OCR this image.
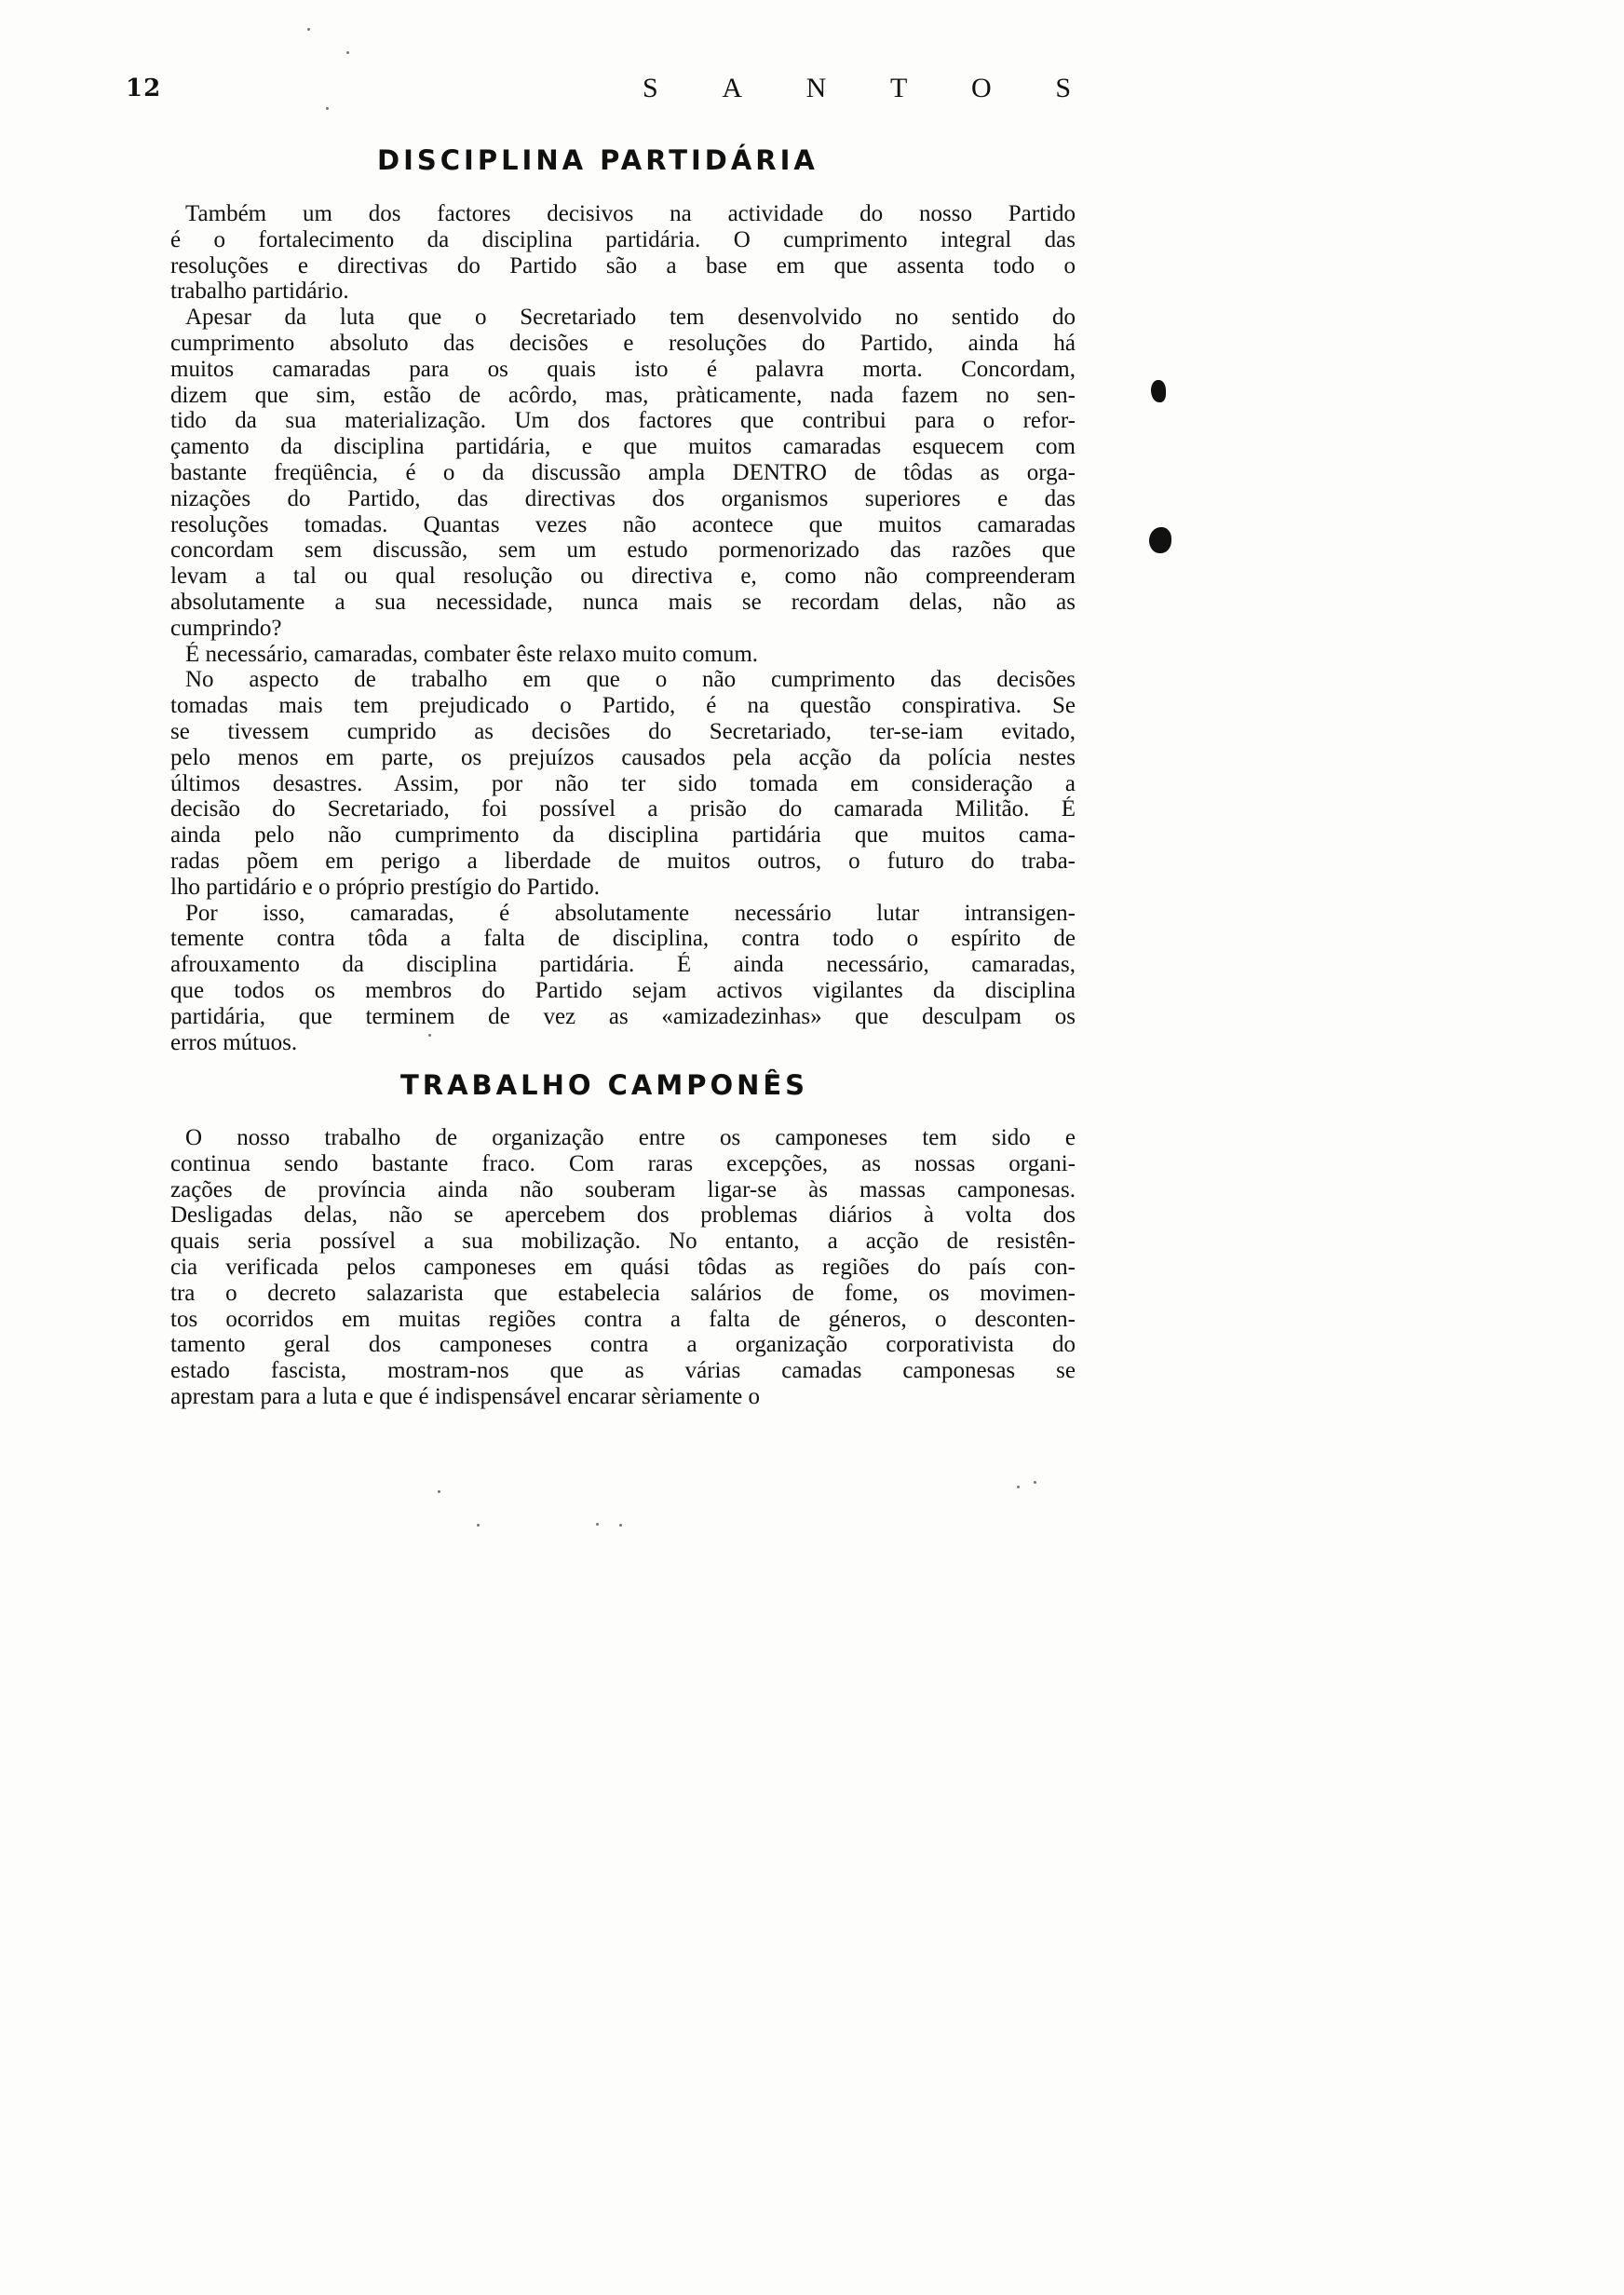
12	S A N T O S
DISCIPLINA PARTIDÁRIA
Também um dos factores decisivos na actividade do nosso Partido
é o fortalecimento da disciplina partidária. O cumprimento integral das
resoluções e directivas do Partido são a base em que assenta todo o
trabalho partidário.
Apesar da luta que o Secretariado tem desenvolvido no sentido do
cumprimento absoluto das decisões e resoluções do Partido, ainda há
muitos camaradas para os quais isto é palavra morta. Concordam,
dizem que sim, estão de acôrdo, mas, pràticamente, nada fazem no sen-
tido da sua materialização. Um dos factores que contribui para o refor-
çamento da disciplina partidária, e que muitos camaradas esquecem com
bastante freqüência, é o da discussão ampla DENTRO de tôdas as orga-
nizações do Partido, das directivas dos organismos superiores e das
resoluções tomadas. Quantas vezes não acontece que muitos camaradas
concordam sem discussão, sem um estudo pormenorizado das razões que
levam a tal ou qual resolução ou directiva e, como não compreenderam
absolutamente a sua necessidade, nunca mais se recordam delas, não as
cumprindo?
É necessário, camaradas, combater êste relaxo muito comum.
No aspecto de trabalho em que o não cumprimento das decisões
tomadas mais tem prejudicado o Partido, é na questão conspirativa. Se
se tivessem cumprido as decisões do Secretariado, ter-se-iam evitado,
pelo menos em parte, os prejuízos causados pela acção da polícia nestes
últimos desastres. Assim, por não ter sido tomada em consideração a
decisão do Secretariado, foi possível a prisão do camarada Militão. É
ainda pelo não cumprimento da disciplina partidária que muitos cama-
radas põem em perigo a liberdade de muitos outros, o futuro do traba-
lho partidário e o próprio prestígio do Partido.
Por isso, camaradas, é absolutamente necessário lutar intransigen-
temente contra tôda a falta de disciplina, contra todo o espírito de
afrouxamento da disciplina partidária. É ainda necessário, camaradas,
que todos os membros do Partido sejam activos vigilantes da disciplina
partidária, que terminem de vez as «amizadezinhas» que desculpam os
erros mútuos.
TRABALHO CAMPONÊS
O nosso trabalho de organização entre os camponeses tem sido e
continua sendo bastante fraco. Com raras excepções, as nossas organi-
zações de província ainda não souberam ligar-se às massas camponesas.
Desligadas delas, não se apercebem dos problemas diários à volta dos
quais seria possível a sua mobilização. No entanto, a acção de resistên-
cia verificada pelos camponeses em quási tôdas as regiões do país con-
tra o decreto salazarista que estabelecia salários de fome, os movimen-
tos ocorridos em muitas regiões contra a falta de géneros, o desconten-
tamento geral dos camponeses contra a organização corporativista do
estado fascista, mostram-nos que as várias camadas camponesas se
aprestam para a luta e que é indispensável encarar sèriamente o
